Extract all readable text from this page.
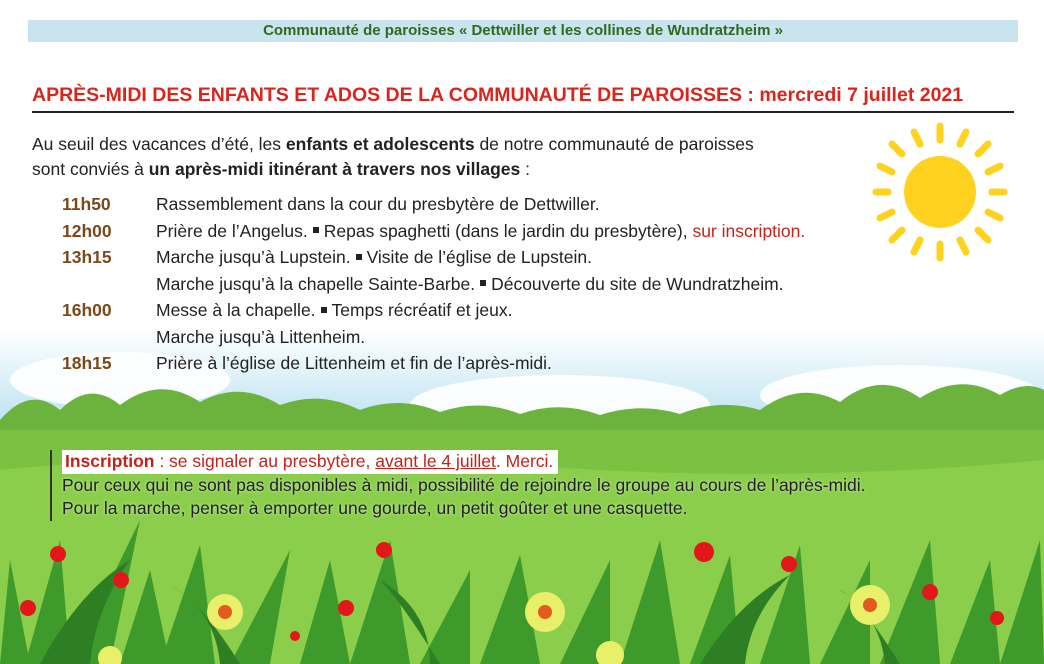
Communauté de paroisses « Dettwiller et les collines de Wundratzheim »
APRÈS-MIDI DES ENFANTS ET ADOS DE LA COMMUNAUTÉ DE PAROISSES : mercredi 7 juillet 2021
Au seuil des vacances d’été, les enfants et adolescents de notre communauté de paroisses
sont conviés à un après-midi itinérant à travers nos villages :
11h50	Rassemblement dans la cour du presbytère de Dettwiller.
12h00	Prière de l’Angelus. Repas spaghetti (dans le jardin du presbytère), sur inscription.
13h15	Marche jusqu’à Lupstein. Visite de l’église de Lupstein.
Marche jusqu’à la chapelle Sainte-Barbe. Découverte du site de Wundratzheim.
16h00	Messe à la chapelle. Temps récréatif et jeux.
Marche jusqu’à Littenheim.
18h15	Prière à l’église de Littenheim et fin de l’après-midi.
Inscription : se signaler au presbytère, avant le 4 juillet. Merci.
Pour ceux qui ne sont pas disponibles à midi, possibilité de rejoindre le groupe au cours de l’après-midi.
Pour la marche, penser à emporter une gourde, un petit goûter et une casquette.
